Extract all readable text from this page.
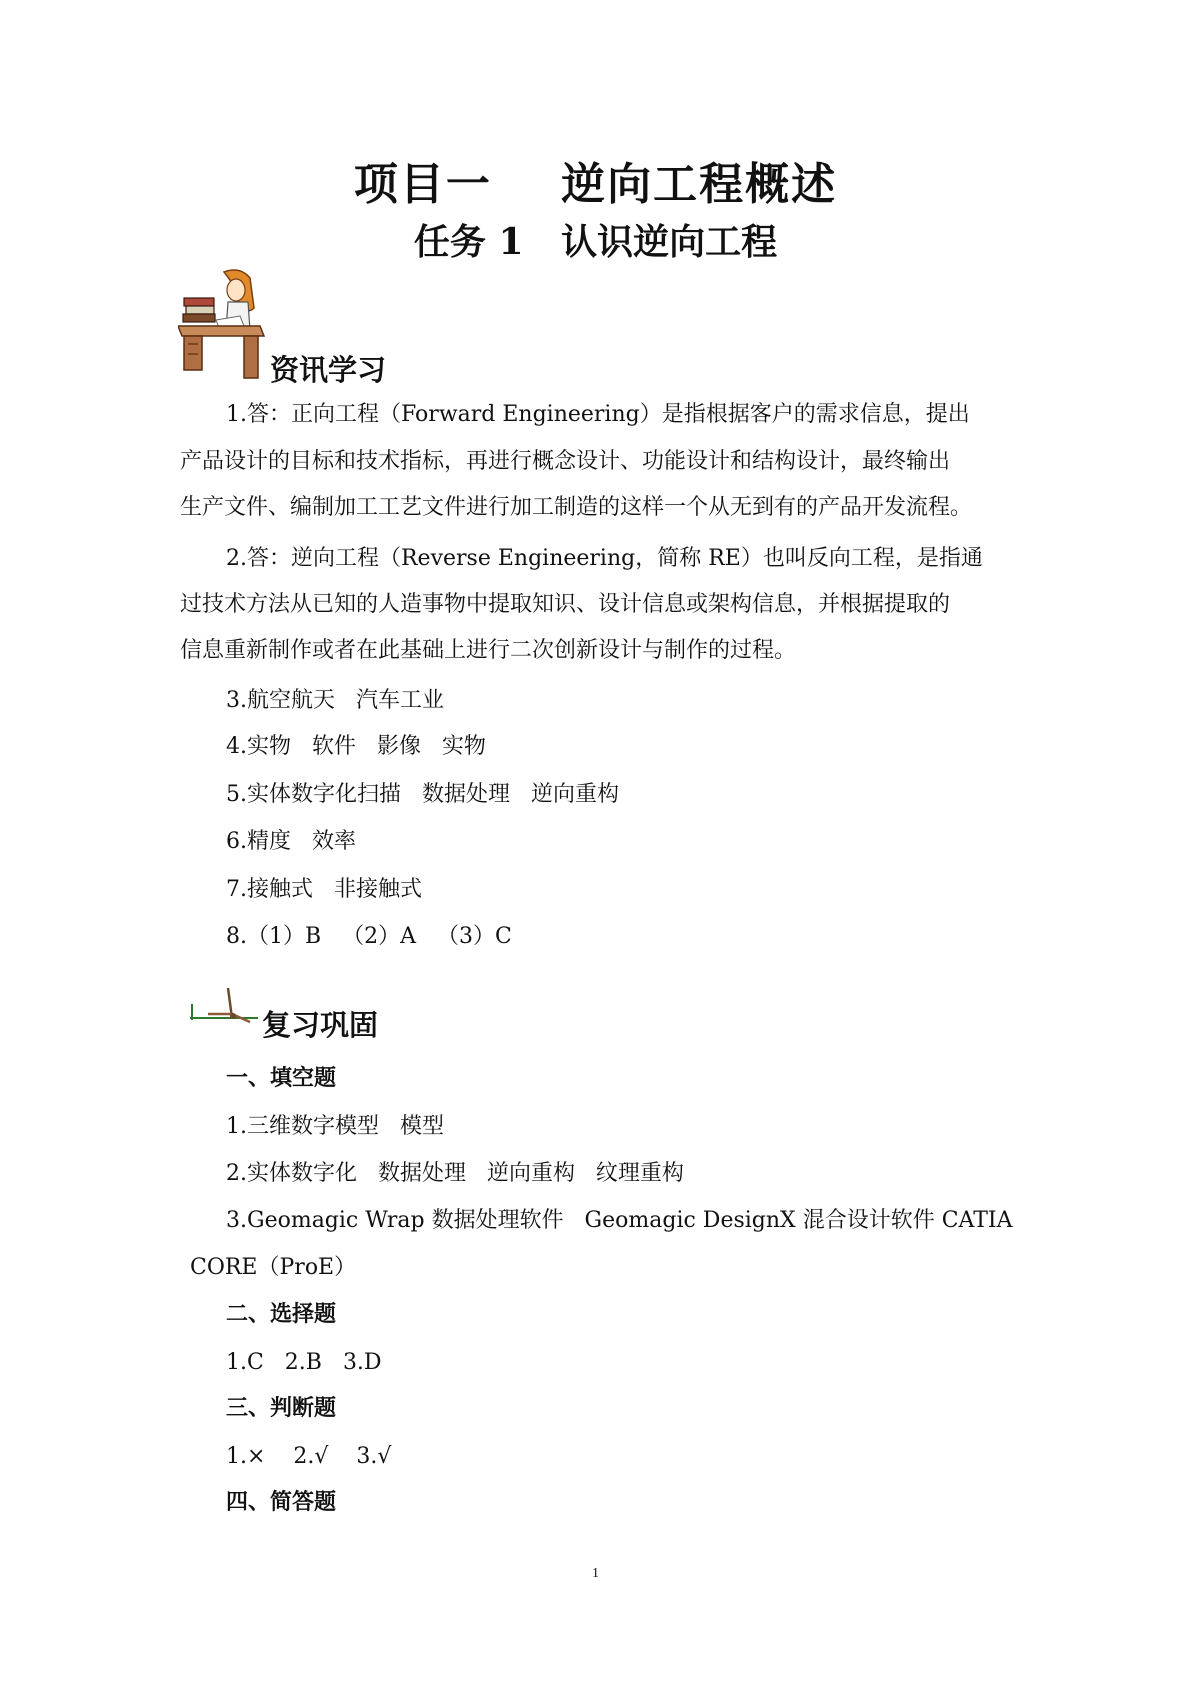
项目一    逆向工程概述
任务 1   认识逆向工程
资讯学习
1.答：正向工程（Forward Engineering）是指根据客户的需求信息，提出
产品设计的目标和技术指标，再进行概念设计、功能设计和结构设计，最终输出
生产文件、编制加工工艺文件进行加工制造的这样一个从无到有的产品开发流程。
2.答：逆向工程（Reverse Engineering，简称 RE）也叫反向工程，是指通
过技术方法从已知的人造事物中提取知识、设计信息或架构信息，并根据提取的
信息重新制作或者在此基础上进行二次创新设计与制作的过程。
3.航空航天   汽车工业
4.实物   软件   影像   实物
5.实体数字化扫描   数据处理   逆向重构
6.精度   效率
7.接触式   非接触式
8.（1）B   （2）A   （3）C
复习巩固
一、填空题
1.三维数字模型   模型
2.实体数字化   数据处理   逆向重构   纹理重构
3.Geomagic Wrap 数据处理软件   Geomagic DesignX 混合设计软件 CATIA
CORE（ProE）
二、选择题
1.C   2.B   3.D
三、判断题
1.×    2.√    3.√
四、简答题
1
